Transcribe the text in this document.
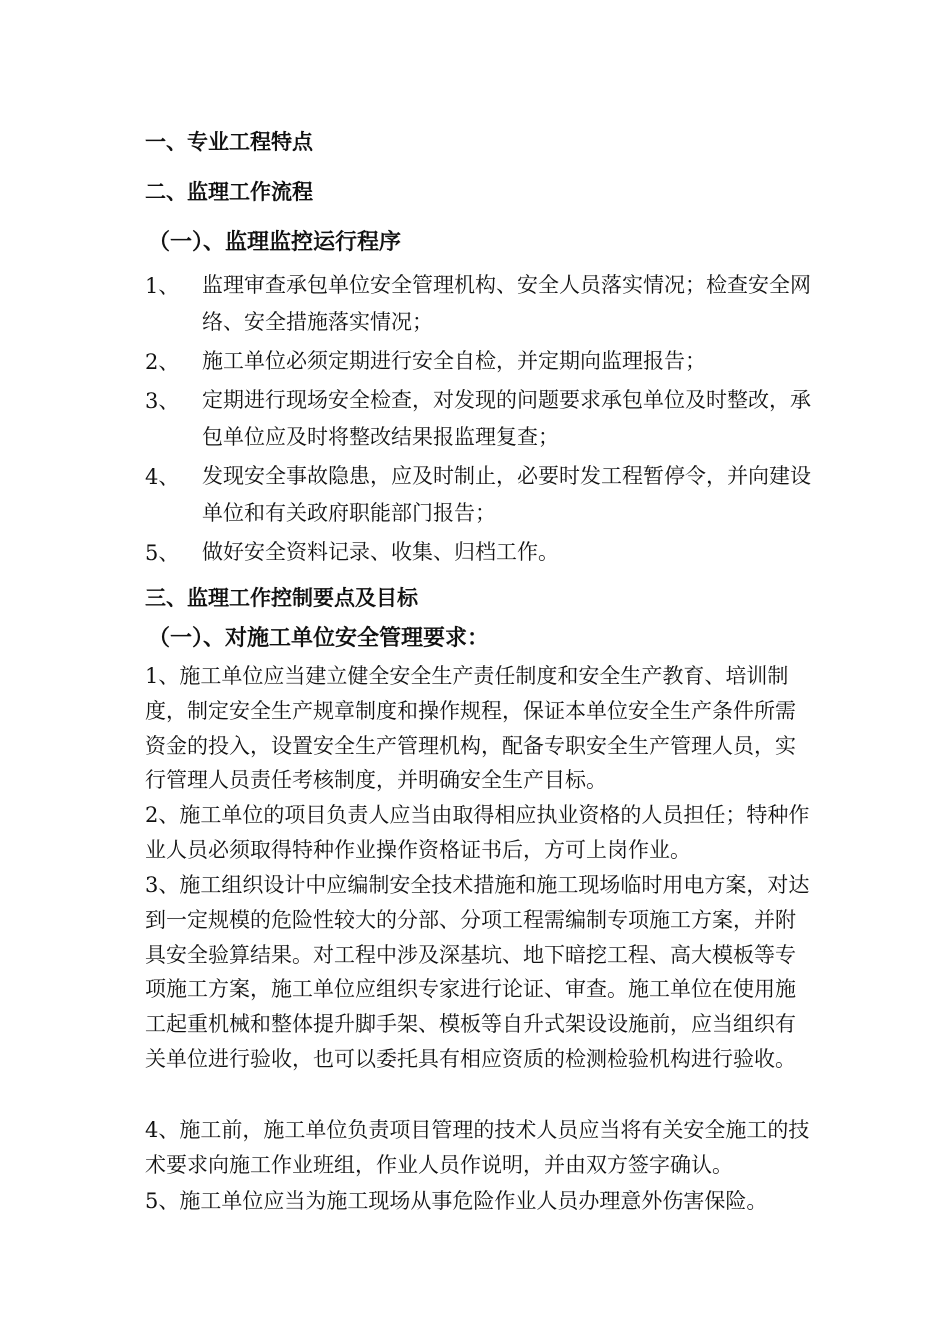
一、专业工程特点
二、监理工作流程
（一）、监理监控运行程序
1、 监理审查承包单位安全管理机构、安全人员落实情况；检查安全网络、安全措施落实情况；
2、 施工单位必须定期进行安全自检，并定期向监理报告；
3、 定期进行现场安全检查，对发现的问题要求承包单位及时整改，承包单位应及时将整改结果报监理复查；
4、 发现安全事故隐患，应及时制止，必要时发工程暂停令，并向建设单位和有关政府职能部门报告；
5、 做好安全资料记录、收集、归档工作。
三、监理工作控制要点及目标
（一）、对施工单位安全管理要求：
1、施工单位应当建立健全安全生产责任制度和安全生产教育、培训制度，制定安全生产规章制度和操作规程，保证本单位安全生产条件所需资金的投入，设置安全生产管理机构，配备专职安全生产管理人员，实行管理人员责任考核制度，并明确安全生产目标。
2、施工单位的项目负责人应当由取得相应执业资格的人员担任；特种作业人员必须取得特种作业操作资格证书后，方可上岗作业。
3、施工组织设计中应编制安全技术措施和施工现场临时用电方案，对达到一定规模的危险性较大的分部、分项工程需编制专项施工方案，并附具安全验算结果。对工程中涉及深基坑、地下暗挖工程、高大模板等专项施工方案，施工单位应组织专家进行论证、审查。施工单位在使用施工起重机械和整体提升脚手架、模板等自升式架设设施前，应当组织有关单位进行验收，也可以委托具有相应资质的检测检验机构进行验收。
4、施工前，施工单位负责项目管理的技术人员应当将有关安全施工的技术要求向施工作业班组，作业人员作说明，并由双方签字确认。
5、施工单位应当为施工现场从事危险作业人员办理意外伤害保险。
